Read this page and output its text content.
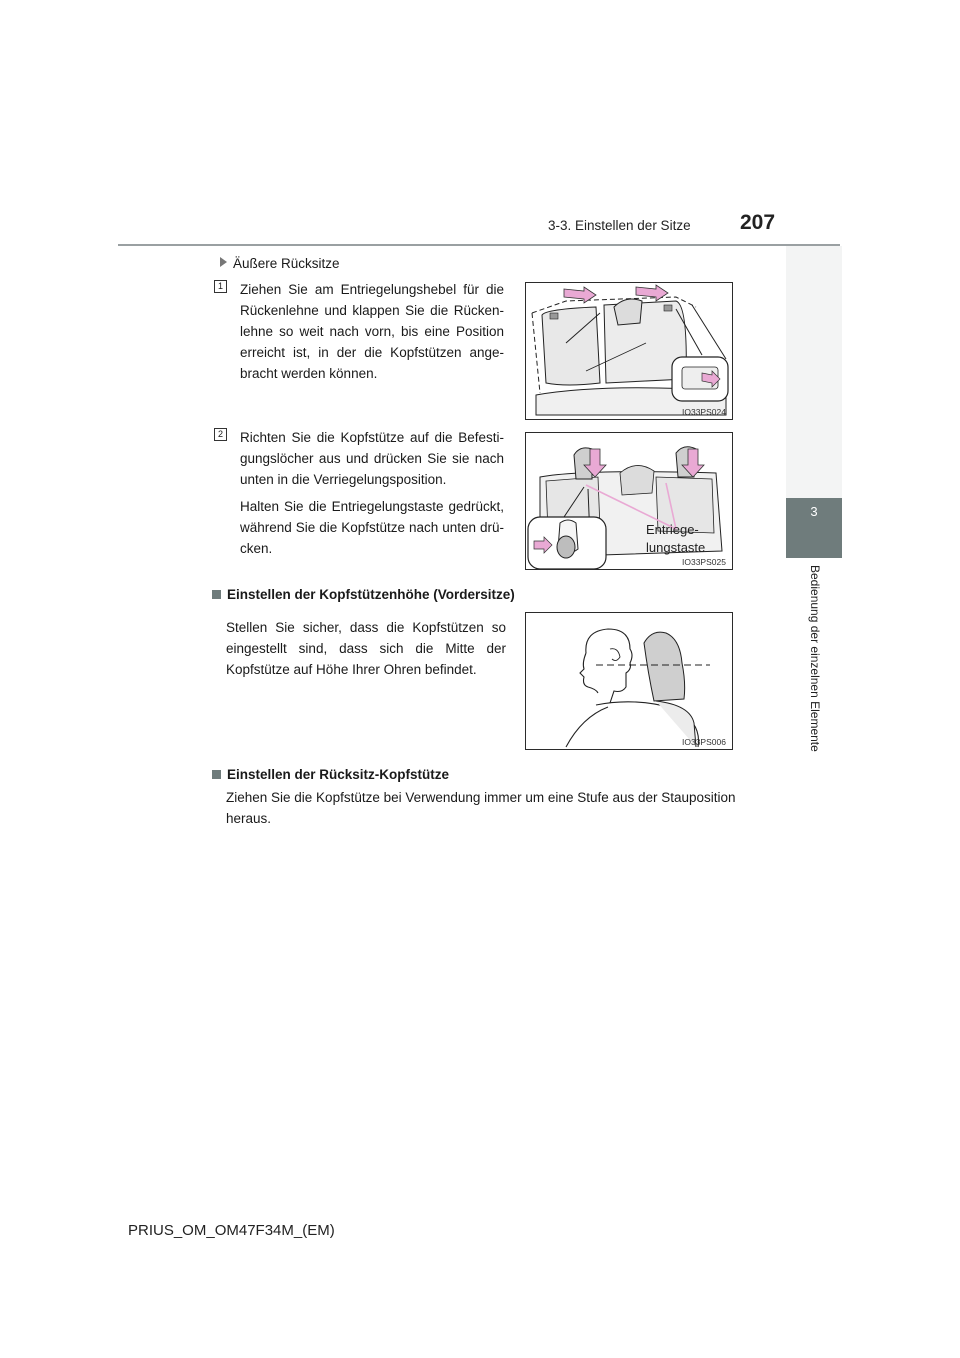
3-3. Einstellen der Sitze 207
3
Bedienung der einzelnen Elemente
Äußere Rücksitze
1 Ziehen Sie am Entriegelungshebel für die Rückenlehne und klappen Sie die Rückenlehne so weit nach vorn, bis eine Position erreicht ist, in der die Kopfstützen angebracht werden können.
IO33PS024
2 Richten Sie die Kopfstütze auf die Befestigungslöcher aus und drücken Sie sie nach unten in die Verriegelungsposition.
Halten Sie die Entriegelungstaste gedrückt, während Sie die Kopfstütze nach unten drücken.
Entriege-
lungstaste
IO33PS025
Einstellen der Kopfstützenhöhe (Vordersitze)
Stellen Sie sicher, dass die Kopfstützen so eingestellt sind, dass sich die Mitte der Kopfstütze auf Höhe Ihrer Ohren befindet.
IO33PS006
Einstellen der Rücksitz-Kopfstütze
Ziehen Sie die Kopfstütze bei Verwendung immer um eine Stufe aus der Stauposition heraus.
PRIUS_OM_OM47F34M_(EM)
